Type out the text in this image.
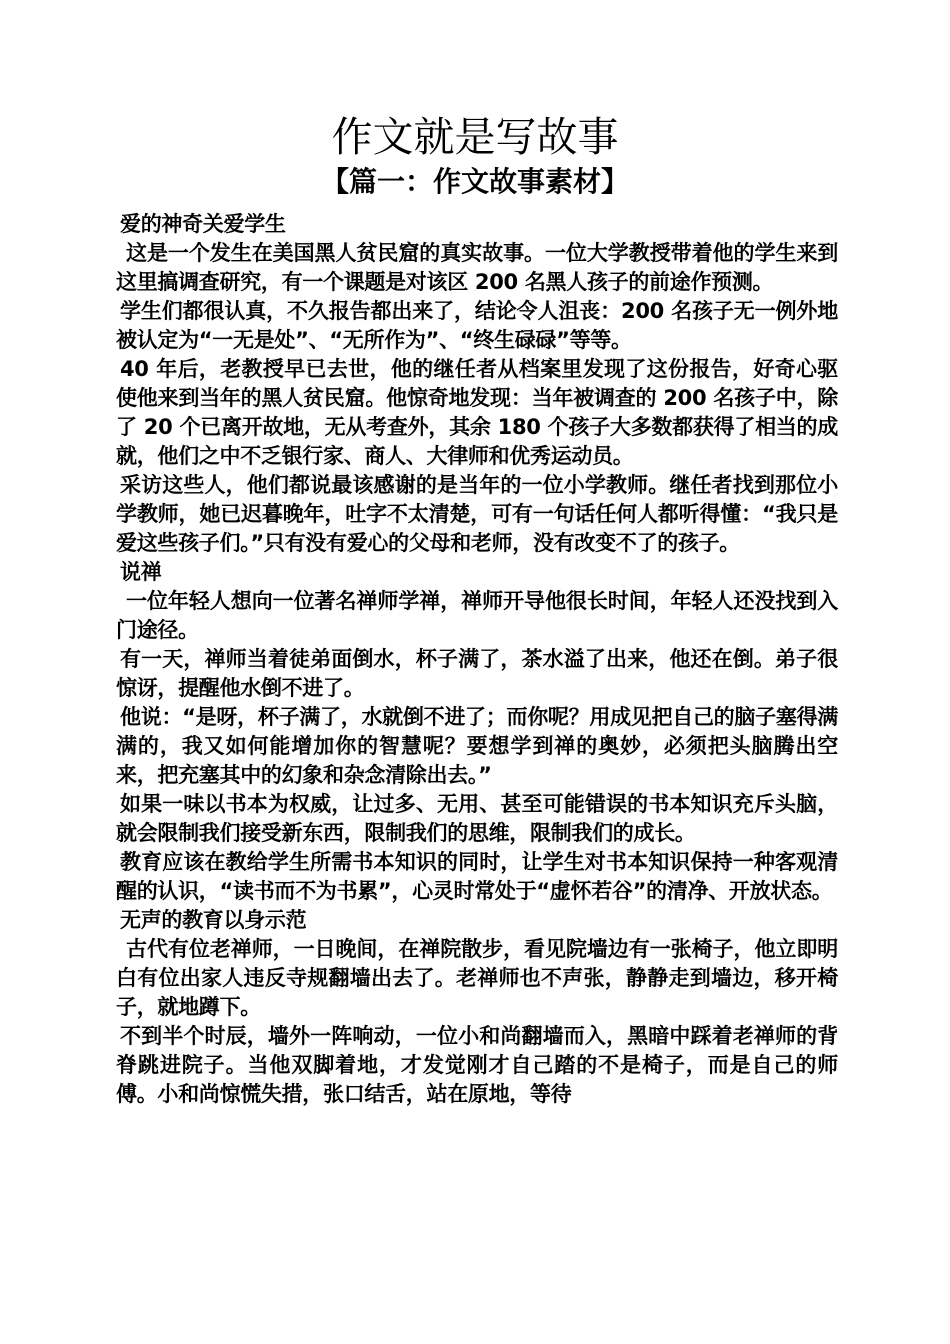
作文就是写故事
【篇一：作文故事素材】

爱的神奇关爱学生

这是一个发生在美国黑人贫民窟的真实故事。一位大学教授带着他的学生来到这里搞调查研究，有一个课题是对该区 200 名黑人孩子的前途作预测。

学生们都很认真，不久报告都出来了，结论令人沮丧：200 名孩子无一例外地被认定为“一无是处”、“无所作为”、“终生碌碌”等等。

40 年后，老教授早已去世，他的继任者从档案里发现了这份报告，好奇心驱使他来到当年的黑人贫民窟。他惊奇地发现：当年被调查的 200 名孩子中，除了 20 个已离开故地，无从考查外，其余 180 个孩子大多数都获得了相当的成就，他们之中不乏银行家、商人、大律师和优秀运动员。

采访这些人，他们都说最该感谢的是当年的一位小学教师。继任者找到那位小学教师，她已迟暮晚年，吐字不太清楚，可有一句话任何人都听得懂：“我只是爱这些孩子们。”只有没有爱心的父母和老师，没有改变不了的孩子。

说禅

一位年轻人想向一位著名禅师学禅，禅师开导他很长时间，年轻人还没找到入门途径。

有一天，禅师当着徒弟面倒水，杯子满了，茶水溢了出来，他还在倒。弟子很惊讶，提醒他水倒不进了。

他说：“是呀，杯子满了，水就倒不进了；而你呢？用成见把自己的脑子塞得满满的，我又如何能增加你的智慧呢？要想学到禅的奥妙，必须把头脑腾出空来，把充塞其中的幻象和杂念清除出去。”

如果一味以书本为权威，让过多、无用、甚至可能错误的书本知识充斥头脑，就会限制我们接受新东西，限制我们的思维，限制我们的成长。

教育应该在教给学生所需书本知识的同时，让学生对书本知识保持一种客观清醒的认识，“读书而不为书累”，心灵时常处于“虚怀若谷”的清净、开放状态。

无声的教育以身示范

古代有位老禅师，一日晚间，在禅院散步，看见院墙边有一张椅子，他立即明白有位出家人违反寺规翻墙出去了。老禅师也不声张，静静走到墙边，移开椅子，就地蹲下。

不到半个时辰，墙外一阵响动，一位小和尚翻墙而入，黑暗中踩着老禅师的背脊跳进院子。当他双脚着地，才发觉刚才自己踏的不是椅子，而是自己的师傅。小和尚惊慌失措，张口结舌，站在原地，等待
